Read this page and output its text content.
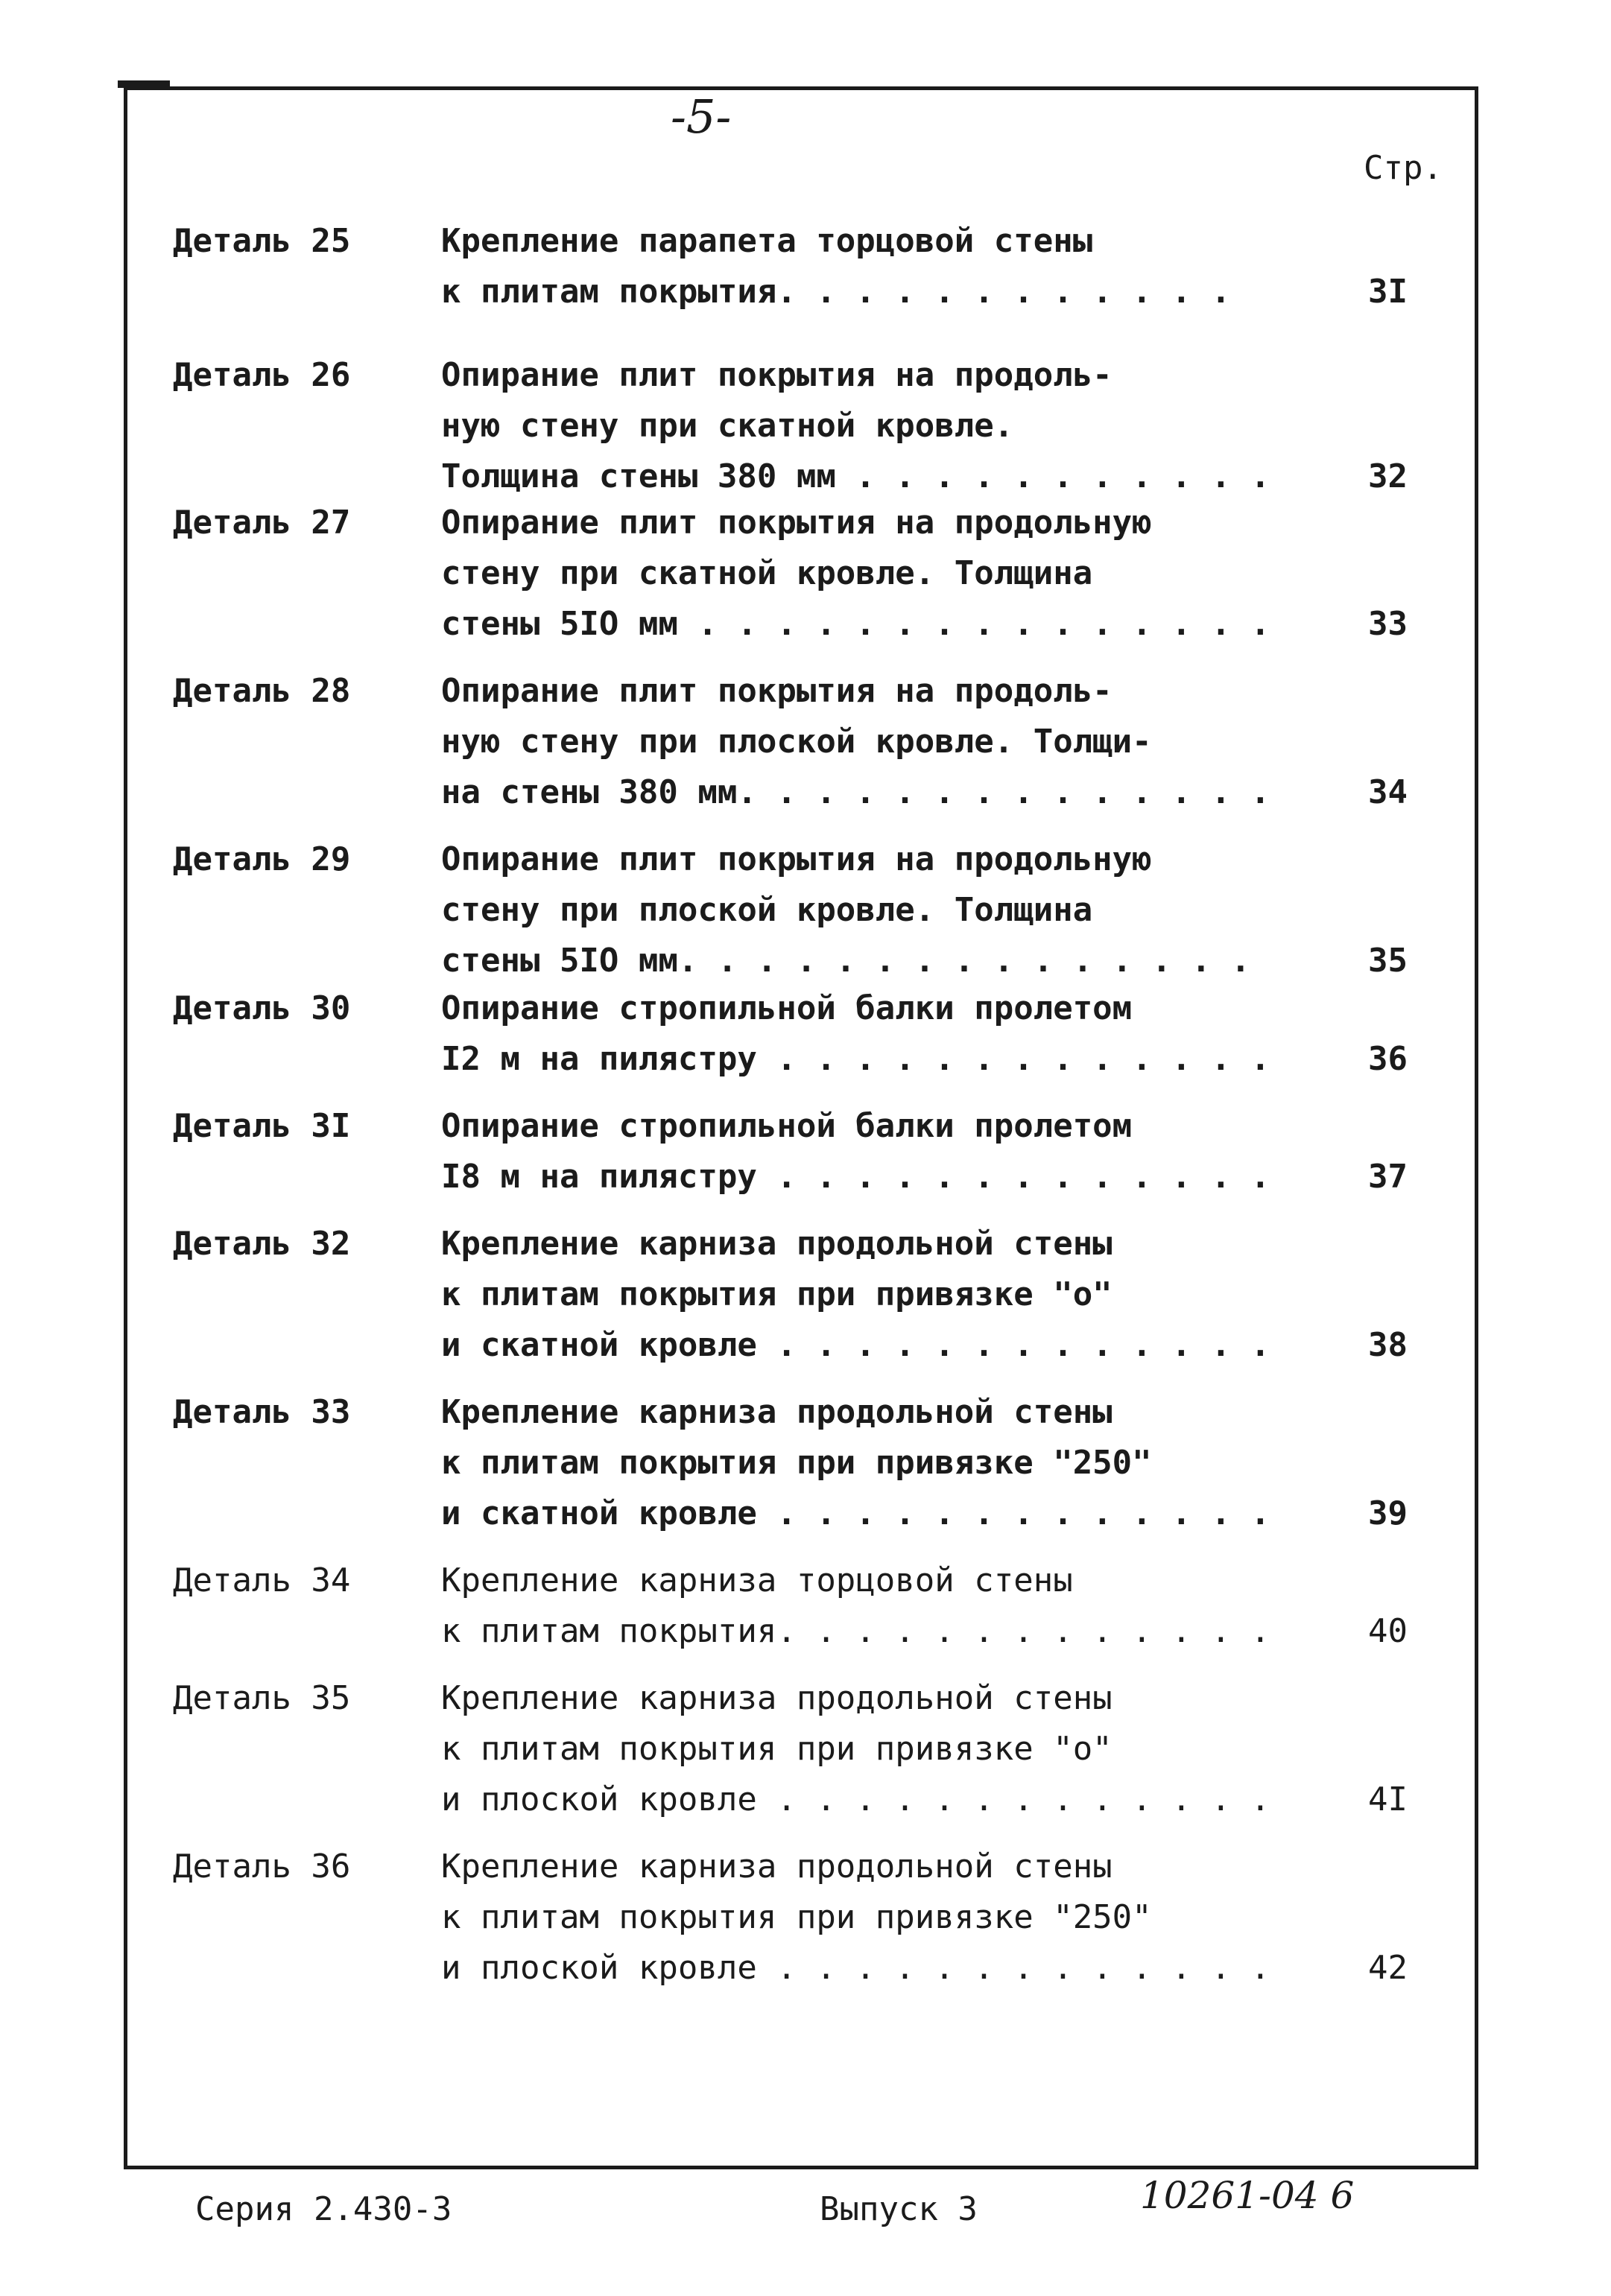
-5-
Стр.
Деталь 25	Крепление парапета торцовой стены
к плитам покрытия. . . . . . . . . . . .	3I
Деталь 26	Опирание плит покрытия на продоль-
ную стену при скатной кровле.
Толщина стены 380 мм . . . . . . . . . . .	32
Деталь 27	Опирание плит покрытия на продольную
стену при скатной кровле. Толщина
стены 5IO мм . . . . . . . . . . . . . . .	33
Деталь 28	Опирание плит покрытия на продоль-
ную стену при плоской кровле. Толщи-
на стены 380 мм. . . . . . . . . . . . . .	34
Деталь 29	Опирание плит покрытия на продольную
стену при плоской кровле. Толщина
стены 5IO мм. . . . . . . . . . . . . . .	35
Деталь 30	Опирание стропильной балки пролетом
I2 м на пилястру . . . . . . . . . . . . .	36
Деталь 3I	Опирание стропильной балки пролетом
I8 м на пилястру . . . . . . . . . . . . .	37
Деталь 32	Крепление карниза продольной стены
к плитам покрытия при привязке "о"
и скатной кровле . . . . . . . . . . . . .	38
Деталь 33	Крепление карниза продольной стены
к плитам покрытия при привязке "250"
и скатной кровле . . . . . . . . . . . . .	39
Деталь 34	Крепление карниза торцовой стены
к плитам покрытия. . . . . . . . . . . . .	40
Деталь 35	Крепление карниза продольной стены
к плитам покрытия при привязке "о"
и плоской кровле . . . . . . . . . . . . .	4I
Деталь 36	Крепление карниза продольной стены
к плитам покрытия при привязке "250"
и плоской кровле . . . . . . . . . . . . .	42
Серия 2.430-3	Выпуск 3	10261-04 6
